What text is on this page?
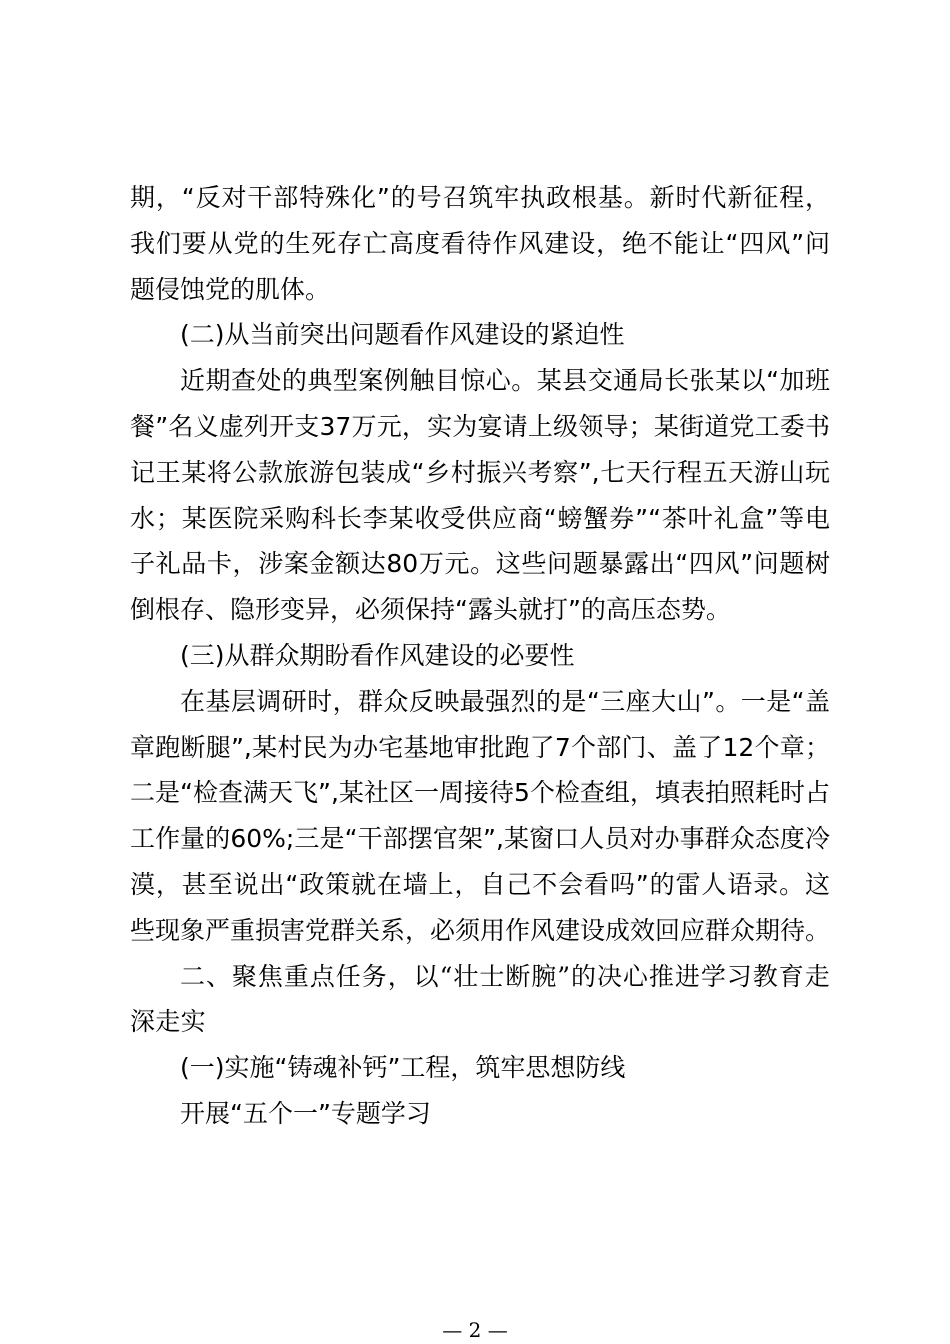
期，“反对干部特殊化”的号召筑牢执政根基。新时代新征程，我们要从党的生死存亡高度看待作风建设，绝不能让“四风”问题侵蚀党的肌体。

(二)从当前突出问题看作风建设的紧迫性

近期查处的典型案例触目惊心。某县交通局长张某以“加班餐”名义虚列开支37万元，实为宴请上级领导；某街道党工委书记王某将公款旅游包装成“乡村振兴考察”,七天行程五天游山玩水；某医院采购科长李某收受供应商“螃蟹券”“茶叶礼盒”等电子礼品卡，涉案金额达80万元。这些问题暴露出“四风”问题树倒根存、隐形变异，必须保持“露头就打”的高压态势。

(三)从群众期盼看作风建设的必要性

在基层调研时，群众反映最强烈的是“三座大山”。一是“盖章跑断腿”,某村民为办宅基地审批跑了7个部门、盖了12个章；二是“检查满天飞”,某社区一周接待5个检查组，填表拍照耗时占工作量的60%;三是“干部摆官架”,某窗口人员对办事群众态度冷漠，甚至说出“政策就在墙上，自己不会看吗”的雷人语录。这些现象严重损害党群关系，必须用作风建设成效回应群众期待。

二、聚焦重点任务，以“壮士断腕”的决心推进学习教育走深走实

(一)实施“铸魂补钙”工程，筑牢思想防线

开展“五个一”专题学习

— 2 —
